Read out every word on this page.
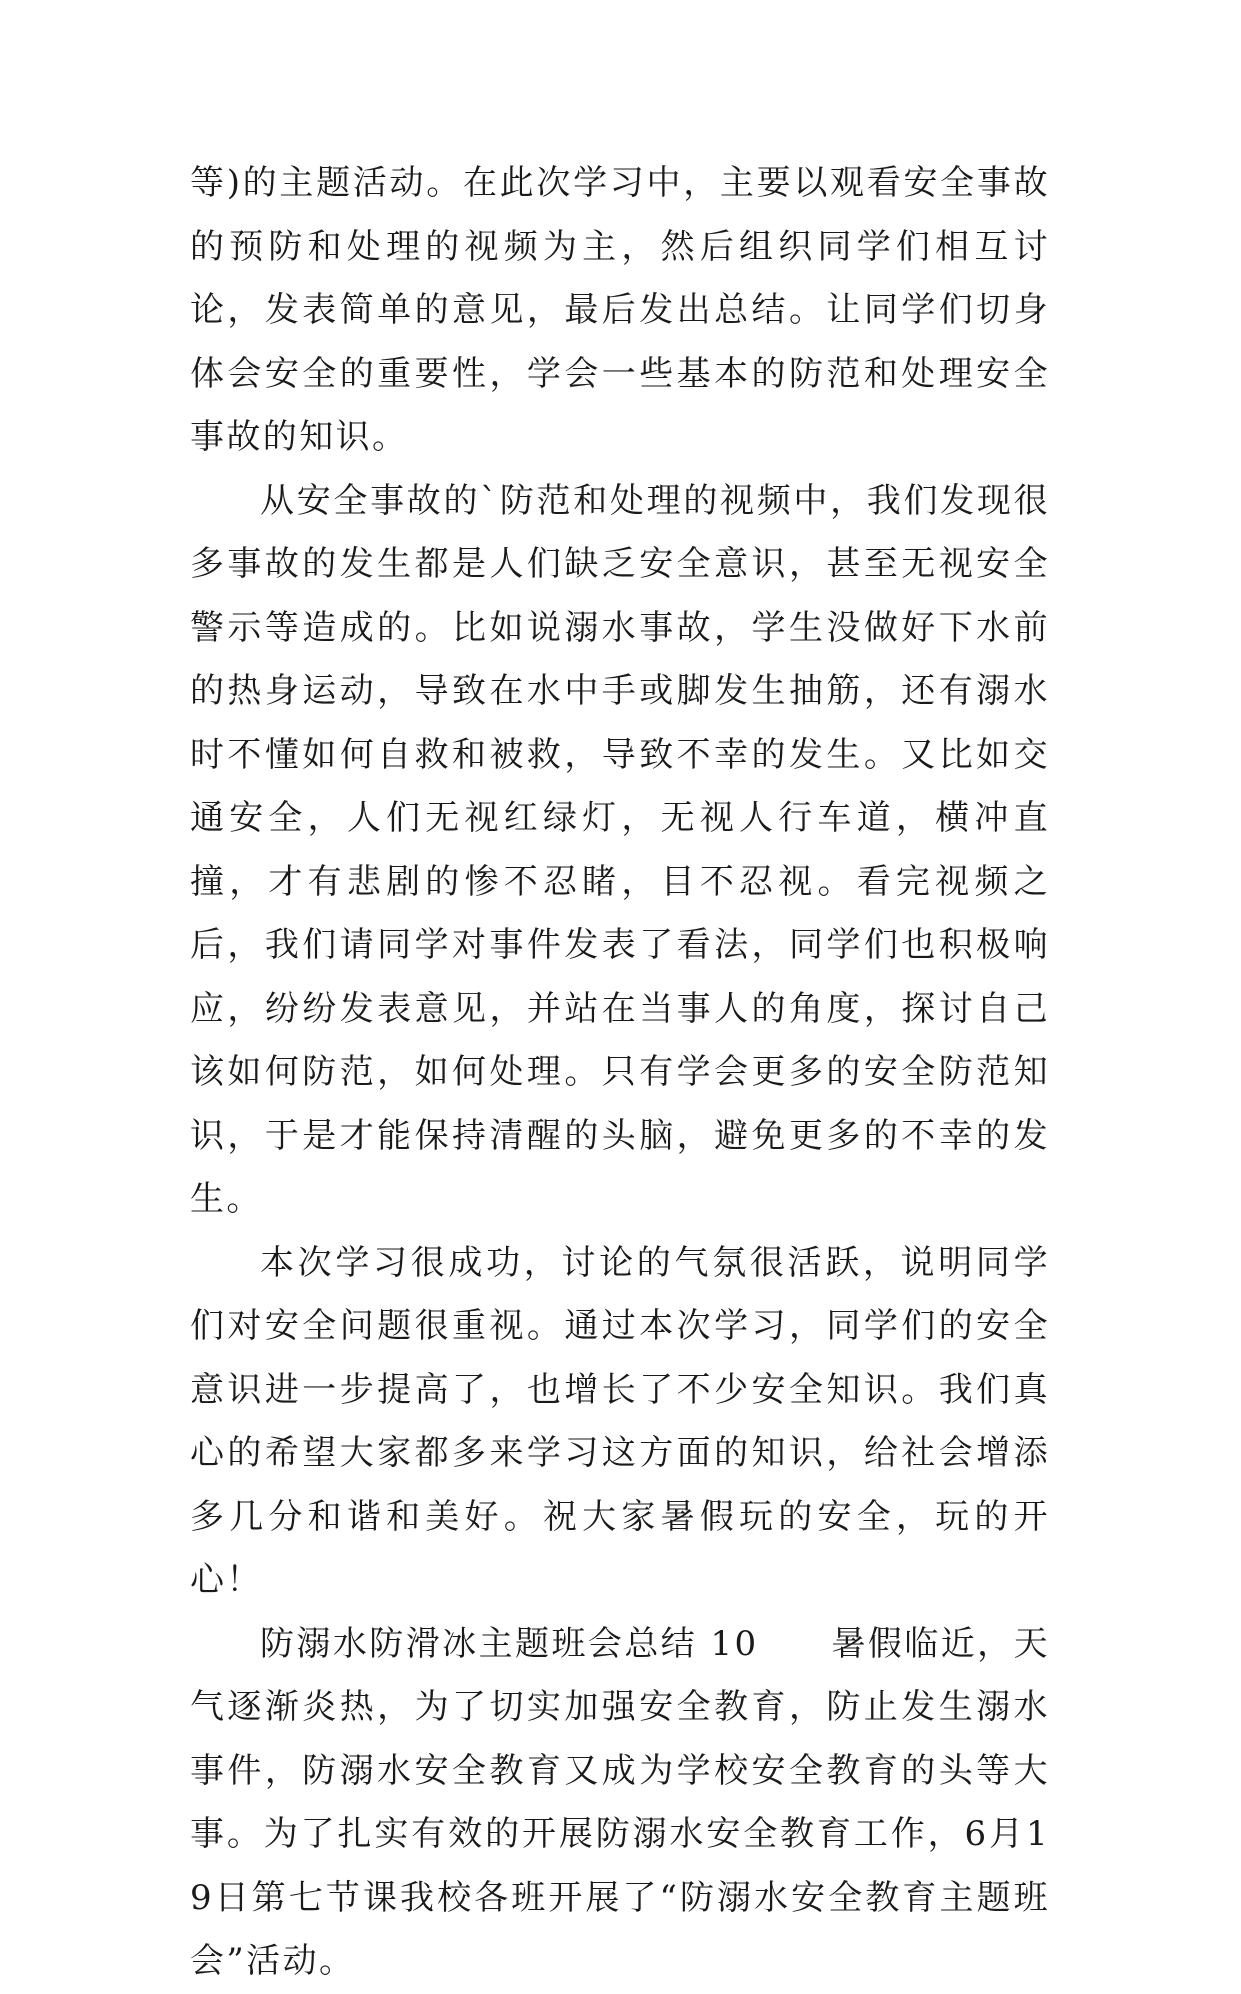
等)的主题活动。在此次学习中，主要以观看安全事故的预防和处理的视频为主，然后组织同学们相互讨论，发表简单的意见，最后发出总结。让同学们切身体会安全的重要性，学会一些基本的防范和处理安全事故的知识。

从安全事故的`防范和处理的视频中，我们发现很多事故的发生都是人们缺乏安全意识，甚至无视安全警示等造成的。比如说溺水事故，学生没做好下水前的热身运动，导致在水中手或脚发生抽筋，还有溺水时不懂如何自救和被救，导致不幸的发生。又比如交通安全，人们无视红绿灯，无视人行车道，横冲直撞，才有悲剧的惨不忍睹，目不忍视。看完视频之后，我们请同学对事件发表了看法，同学们也积极响应，纷纷发表意见，并站在当事人的角度，探讨自己该如何防范，如何处理。只有学会更多的安全防范知识，于是才能保持清醒的头脑，避免更多的不幸的发生。

本次学习很成功，讨论的气氛很活跃，说明同学们对安全问题很重视。通过本次学习，同学们的安全意识进一步提高了，也增长了不少安全知识。我们真心的希望大家都多来学习这方面的知识，给社会增添多几分和谐和美好。祝大家暑假玩的安全，玩的开心！

防溺水防滑冰主题班会总结 10　　暑假临近，天气逐渐炎热，为了切实加强安全教育，防止发生溺水事件，防溺水安全教育又成为学校安全教育的头等大事。为了扎实有效的开展防溺水安全教育工作，6月19日第七节课我校各班开展了“防溺水安全教育主题班会”活动。
